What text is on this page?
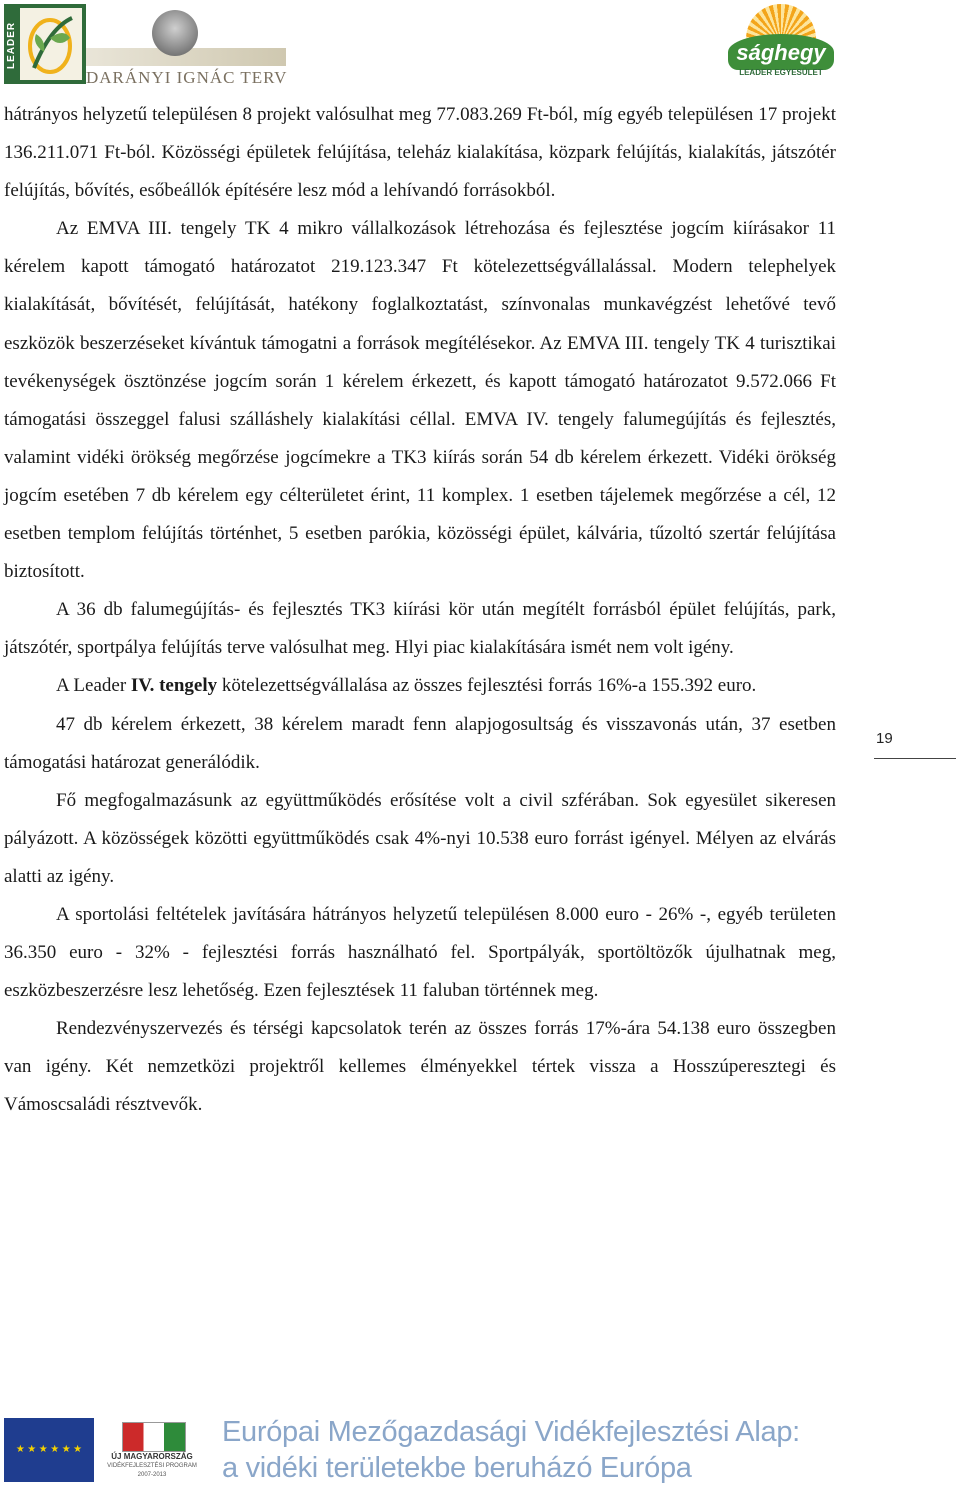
LEADER
DARÁNYI IGNÁC TERV
sághegy
LEADER EGYESÜLET

hátrányos helyzetű településen 8 projekt valósulhat meg 77.083.269 Ft-ból, míg egyéb településen 17 projekt 136.211.071 Ft-ból. Közösségi épületek felújítása, teleház kialakítása, közpark felújítás, kialakítás, játszótér felújítás, bővítés, esőbeállók építésére lesz mód a lehívandó forrásokból.

Az EMVA III. tengely TK 4 mikro vállalkozások létrehozása és fejlesztése jogcím kiírásakor 11 kérelem kapott támogató határozatot 219.123.347 Ft kötelezettségvállalással. Modern telephelyek kialakítását, bővítését, felújítását, hatékony foglalkoztatást, színvonalas munkavégzést lehetővé tevő eszközök beszerzéseket kívántuk támogatni a források megítélésekor. Az EMVA III. tengely TK 4 turisztikai tevékenységek ösztönzése jogcím során 1 kérelem érkezett, és kapott támogató határozatot 9.572.066 Ft támogatási összeggel falusi szálláshely kialakítási céllal. EMVA IV. tengely falumegújítás és fejlesztés, valamint vidéki örökség megőrzése jogcímekre a TK3 kiírás során 54 db kérelem érkezett. Vidéki örökség jogcím esetében 7 db kérelem egy célterületet érint, 11 komplex. 1 esetben tájelemek megőrzése a cél, 12 esetben templom felújítás történhet, 5 esetben parókia, közösségi épület, kálvária, tűzoltó szertár felújítása biztosított.

A 36 db falumegújítás- és fejlesztés TK3 kiírási kör után megítélt forrásból épület felújítás, park, játszótér, sportpálya felújítás terve valósulhat meg. Hlyi piac kialakítására ismét nem volt igény.

A Leader IV. tengely kötelezettségvállalása az összes fejlesztési forrás 16%-a 155.392 euro.

47 db kérelem érkezett, 38 kérelem maradt fenn alapjogosultság és visszavonás után, 37 esetben támogatási határozat generálódik.

Fő megfogalmazásunk az együttműködés erősítése volt a civil szférában. Sok egyesület sikeresen pályázott. A közösségek közötti együttműködés csak 4%-nyi 10.538 euro forrást igényel. Mélyen az elvárás alatti az igény.

A sportolási feltételek javítására hátrányos helyzetű településen 8.000 euro - 26% -, egyéb területen 36.350 euro - 32% - fejlesztési forrás használható fel. Sportpályák, sportöltözők újulhatnak meg, eszközbeszerzésre lesz lehetőség. Ezen fejlesztések 11 faluban történnek meg.

Rendezvényszervezés és térségi kapcsolatok terén az összes forrás 17%-ára 54.138 euro összegben van igény. Két nemzetközi projektről kellemes élményekkel tértek vissza a Hosszúperesztegi és Vámoscsaládi résztvevők.

19
★ ★ ★ ★ ★ ★
ÚJ MAGYARORSZÁG
VIDÉKFEJLESZTÉSI PROGRAM
2007-2013
Európai Mezőgazdasági Vidékfejlesztési Alap:
a vidéki területekbe beruházó Európa
